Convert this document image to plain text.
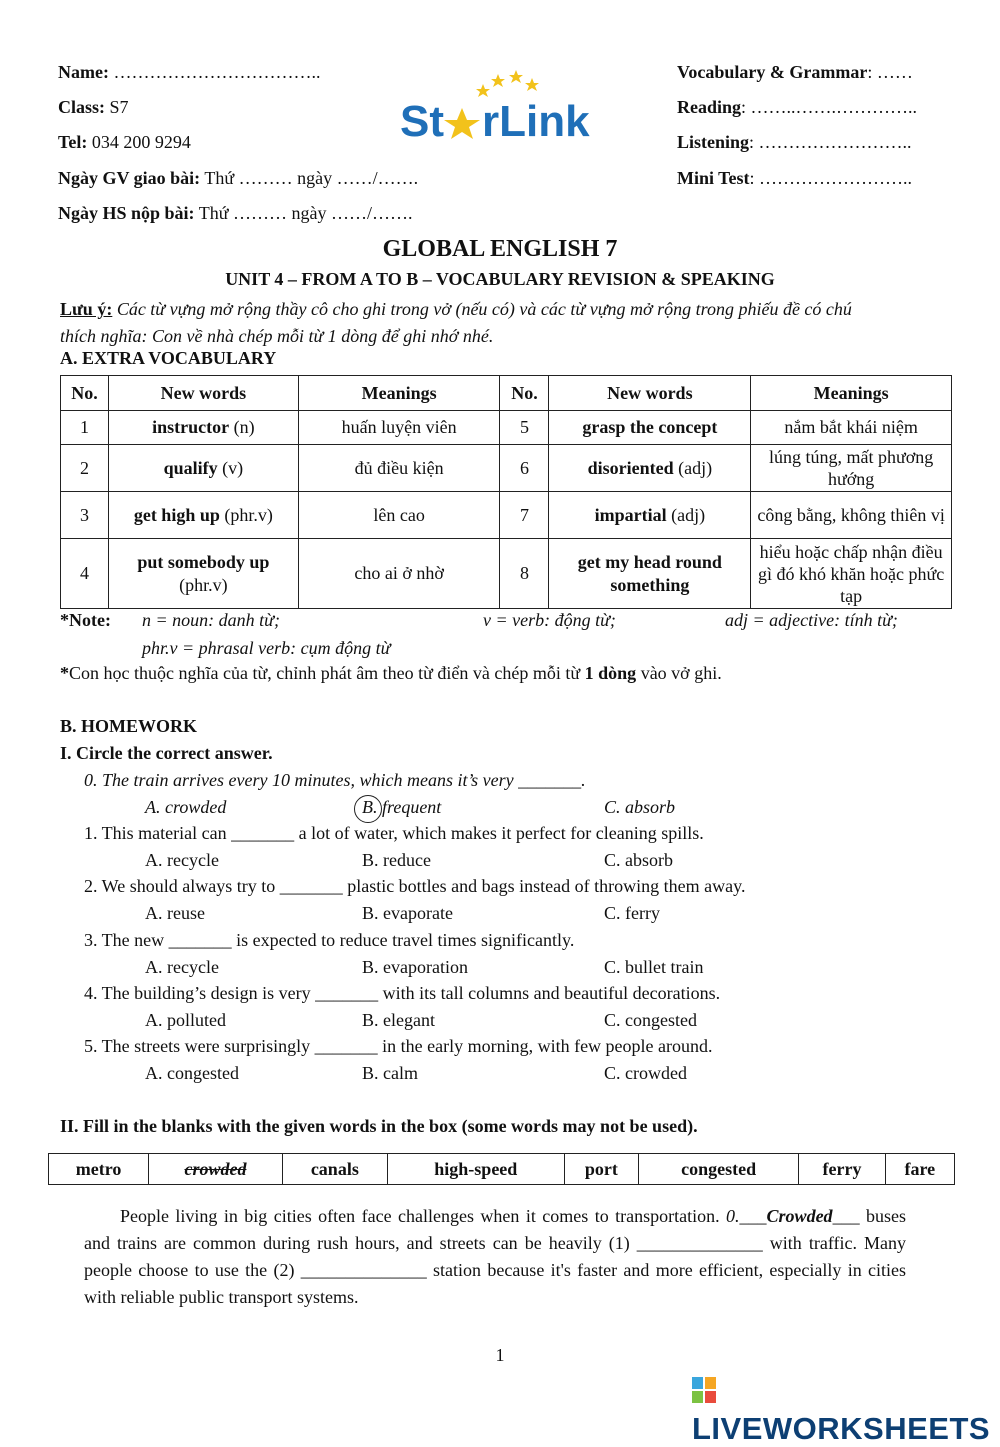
Name: ……………………………..
Class: S7
Tel: 034 200 9294
Ngày GV giao bài: Thứ ……… ngày ……/…….
Ngày HS nộp bài: Thứ ……… ngày ……/…….
Vocabulary & Grammar: ……
Reading: ……..…….…………..
Listening: ……………………..
Mini Test: ……………………..
St rLink
GLOBAL ENGLISH 7
UNIT 4 – FROM A TO B – VOCABULARY REVISION & SPEAKING
Lưu ý: Các từ vựng mở rộng thầy cô cho ghi trong vở (nếu có) và các từ vựng mở rộng trong phiếu đề có chú
thích nghĩa: Con về nhà chép mỗi từ 1 dòng để ghi nhớ nhé.
A. EXTRA VOCABULARY
No.	New words	Meanings	No.	New words	Meanings
1	instructor (n)	huấn luyện viên	5	grasp the concept	nắm bắt khái niệm
2	qualify (v)	đủ điều kiện	6	disoriented (adj)	lúng túng, mất phương hướng
3	get high up (phr.v)	lên cao	7	impartial (adj)	công bằng, không thiên vị
4	put somebody up
(phr.v)	cho ai ở nhờ	8	get my head round something	hiểu hoặc chấp nhận điều gì đó khó khăn hoặc phức tạp
*Note: n = noun: danh từ;	v = verb: động từ;	adj = adjective: tính từ;
phr.v = phrasal verb: cụm động từ
*Con học thuộc nghĩa của từ, chỉnh phát âm theo từ điển và chép mỗi từ 1 dòng vào vở ghi.
B. HOMEWORK
I. Circle the correct answer.
0. The train arrives every 10 minutes, which means it’s very _______.
A. crowded	B. frequent	C. absorb
1. This material can _______ a lot of water, which makes it perfect for cleaning spills.
A. recycle	B. reduce	C. absorb
2. We should always try to _______ plastic bottles and bags instead of throwing them away.
A. reuse	B. evaporate	C. ferry
3. The new _______ is expected to reduce travel times significantly.
A. recycle	B. evaporation	C. bullet train
4. The building’s design is very _______ with its tall columns and beautiful decorations.
A. polluted	B. elegant	C. congested
5. The streets were surprisingly _______ in the early morning, with few people around.
A. congested	B. calm	C. crowded
II. Fill in the blanks with the given words in the box (some words may not be used).
metro	crowded	canals	high-speed	port	congested	ferry	fare
People living in big cities often face challenges when it comes to transportation. 0.___Crowded___ buses and trains are common during rush hours, and streets can be heavily (1) ______________ with traffic. Many people choose to use the (2) ______________ station because it's faster and more efficient, especially in cities with reliable public transport systems.
1
LIVEWORKSHEETS
